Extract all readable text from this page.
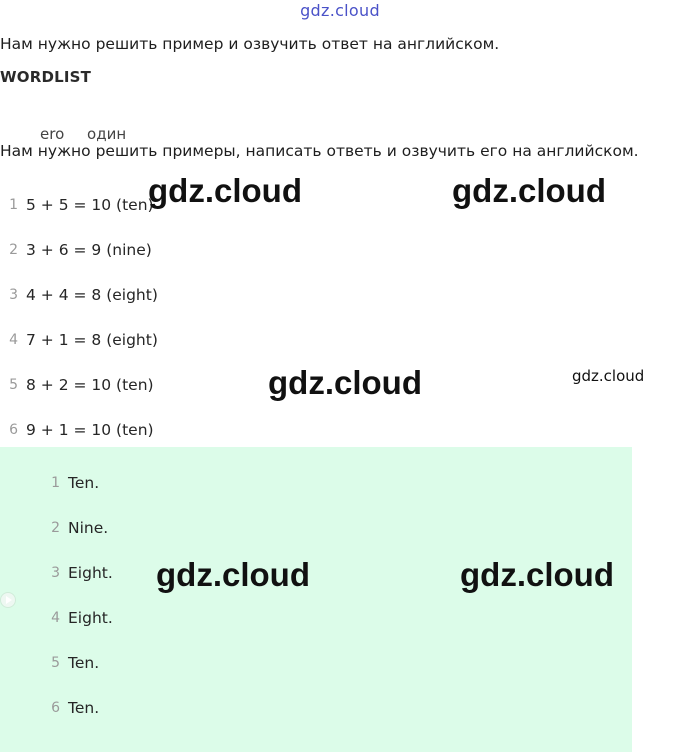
gdz.cloud
Нам нужно решить пример и озвучить ответ на английском.
WORDLIST
ero один
Нам нужно решить примеры, написать ответь и озвучить его на английском.
1 5 + 5 = 10 (ten)
2 3 + 6 = 9 (nine)
3 4 + 4 = 8 (eight)
4 7 + 1 = 8 (eight)
5 8 + 2 = 10 (ten)
6 9 + 1 = 10 (ten)
1 Ten.
2 Nine.
3 Eight.
4 Eight.
5 Ten.
6 Ten.
gdz.cloud	gdz.cloud
gdz.cloud	gdz.cloud
gdz.cloud	gdz.cloud
